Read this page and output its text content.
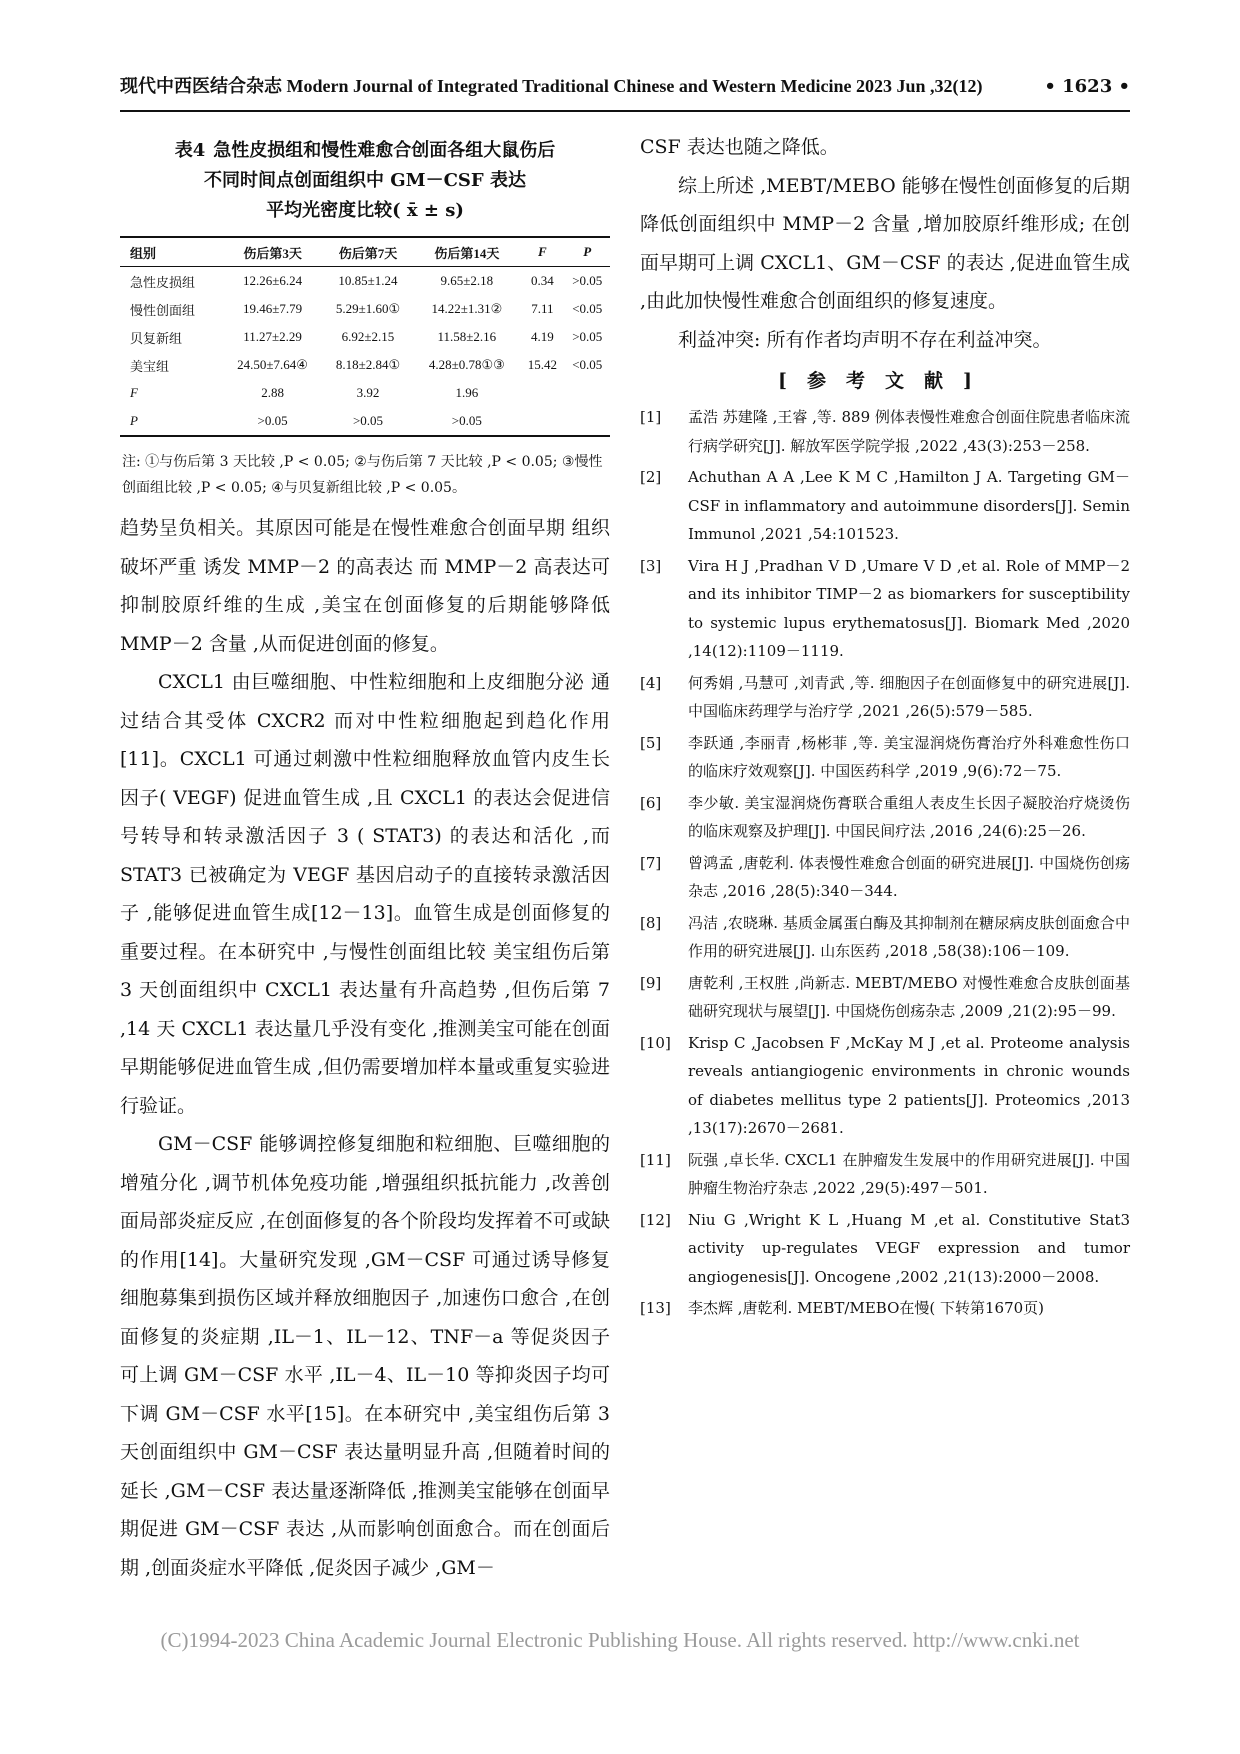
现代中西医结合杂志 Modern Journal of Integrated Traditional Chinese and Western Medicine 2023 Jun ,32(12)	• 1623 •
表4 急性皮损组和慢性难愈合创面各组大鼠伤后
不同时间点创面组织中 GM－CSF 表达
平均光密度比较( x̄ ± s)
组别	伤后第3天	伤后第7天	伤后第14天	F	P
急性皮损组	12.26±6.24	10.85±1.24	9.65±2.18	0.34	>0.05
慢性创面组	19.46±7.79	5.29±1.60①	14.22±1.31②	7.11	<0.05
贝复新组	11.27±2.29	6.92±2.15	11.58±2.16	4.19	>0.05
美宝组	24.50±7.64④	8.18±2.84①	4.28±0.78①③	15.42	<0.05
F	2.88	3.92	1.96		
P	>0.05	>0.05	>0.05		
注: ①与伤后第 3 天比较 ,P < 0.05; ②与伤后第 7 天比较 ,P < 0.05; ③慢性创面组比较 ,P < 0.05; ④与贝复新组比较 ,P < 0.05。

趋势呈负相关。其原因可能是在慢性难愈合创面早期 组织破坏严重 诱发 MMP－2 的高表达 而 MMP－2 高表达可抑制胶原纤维的生成 ,美宝在创面修复的后期能够降低 MMP－2 含量 ,从而促进创面的修复。

CXCL1 由巨噬细胞、中性粒细胞和上皮细胞分泌 通过结合其受体 CXCR2 而对中性粒细胞起到趋化作用[11]。CXCL1 可通过刺激中性粒细胞释放血管内皮生长因子( VEGF) 促进血管生成 ,且 CXCL1 的表达会促进信号转导和转录激活因子 3 ( STAT3) 的表达和活化 ,而 STAT3 已被确定为 VEGF 基因启动子的直接转录激活因子 ,能够促进血管生成[12－13]。血管生成是创面修复的重要过程。在本研究中 ,与慢性创面组比较 美宝组伤后第 3 天创面组织中 CXCL1 表达量有升高趋势 ,但伤后第 7 ,14 天 CXCL1 表达量几乎没有变化 ,推测美宝可能在创面早期能够促进血管生成 ,但仍需要增加样本量或重复实验进行验证。

GM－CSF 能够调控修复细胞和粒细胞、巨噬细胞的增殖分化 ,调节机体免疫功能 ,增强组织抵抗能力 ,改善创面局部炎症反应 ,在创面修复的各个阶段均发挥着不可或缺的作用[14]。大量研究发现 ,GM－CSF 可通过诱导修复细胞募集到损伤区域并释放细胞因子 ,加速伤口愈合 ,在创面修复的炎症期 ,IL－1、IL－12、TNF－a 等促炎因子可上调 GM－CSF 水平 ,IL－4、IL－10 等抑炎因子均可下调 GM－CSF 水平[15]。在本研究中 ,美宝组伤后第 3 天创面组织中 GM－CSF 表达量明显升高 ,但随着时间的延长 ,GM－CSF 表达量逐渐降低 ,推测美宝能够在创面早期促进 GM－CSF 表达 ,从而影响创面愈合。而在创面后期 ,创面炎症水平降低 ,促炎因子减少 ,GM－

CSF 表达也随之降低。

综上所述 ,MEBT/MEBO 能够在慢性创面修复的后期降低创面组织中 MMP－2 含量 ,增加胶原纤维形成; 在创面早期可上调 CXCL1、GM－CSF 的表达 ,促进血管生成 ,由此加快慢性难愈合创面组织的修复速度。

利益冲突: 所有作者均声明不存在利益冲突。

[参考文献]
[1]	孟浩 苏建隆 ,王睿 ,等. 889 例体表慢性难愈合创面住院患者临床流行病学研究[J]. 解放军医学院学报 ,2022 ,43(3):253－258.
[2]	Achuthan A A ,Lee K M C ,Hamilton J A. Targeting GM－CSF in inflammatory and autoimmune disorders[J]. Semin Immunol ,2021 ,54:101523.
[3]	Vira H J ,Pradhan V D ,Umare V D ,et al. Role of MMP－2 and its inhibitor TIMP－2 as biomarkers for susceptibility to systemic lupus erythematosus[J]. Biomark Med ,2020 ,14(12):1109－1119.
[4]	何秀娟 ,马慧可 ,刘青武 ,等. 细胞因子在创面修复中的研究进展[J]. 中国临床药理学与治疗学 ,2021 ,26(5):579－585.
[5]	李跃通 ,李丽青 ,杨彬菲 ,等. 美宝湿润烧伤膏治疗外科难愈性伤口的临床疗效观察[J]. 中国医药科学 ,2019 ,9(6):72－75.
[6]	李少敏. 美宝湿润烧伤膏联合重组人表皮生长因子凝胶治疗烧烫伤的临床观察及护理[J]. 中国民间疗法 ,2016 ,24(6):25－26.
[7]	曾鸿孟 ,唐乾利. 体表慢性难愈合创面的研究进展[J]. 中国烧伤创疡杂志 ,2016 ,28(5):340－344.
[8]	冯洁 ,农晓琳. 基质金属蛋白酶及其抑制剂在糖尿病皮肤创面愈合中作用的研究进展[J]. 山东医药 ,2018 ,58(38):106－109.
[9]	唐乾利 ,王权胜 ,尚新志. MEBT/MEBO 对慢性难愈合皮肤创面基础研究现状与展望[J]. 中国烧伤创疡杂志 ,2009 ,21(2):95－99.
[10]	Krisp C ,Jacobsen F ,McKay M J ,et al. Proteome analysis reveals antiangiogenic environments in chronic wounds of diabetes mellitus type 2 patients[J]. Proteomics ,2013 ,13(17):2670－2681.
[11]	阮强 ,卓长华. CXCL1 在肿瘤发生发展中的作用研究进展[J]. 中国肿瘤生物治疗杂志 ,2022 ,29(5):497－501.
[12]	Niu G ,Wright K L ,Huang M ,et al. Constitutive Stat3 activity up-regulates VEGF expression and tumor angiogenesis[J]. Oncogene ,2002 ,21(13):2000－2008.
[13]	李杰辉 ,唐乾利. MEBT/MEBO在慢( 下转第1670页)
(C)1994-2023 China Academic Journal Electronic Publishing House. All rights reserved. http://www.cnki.net
